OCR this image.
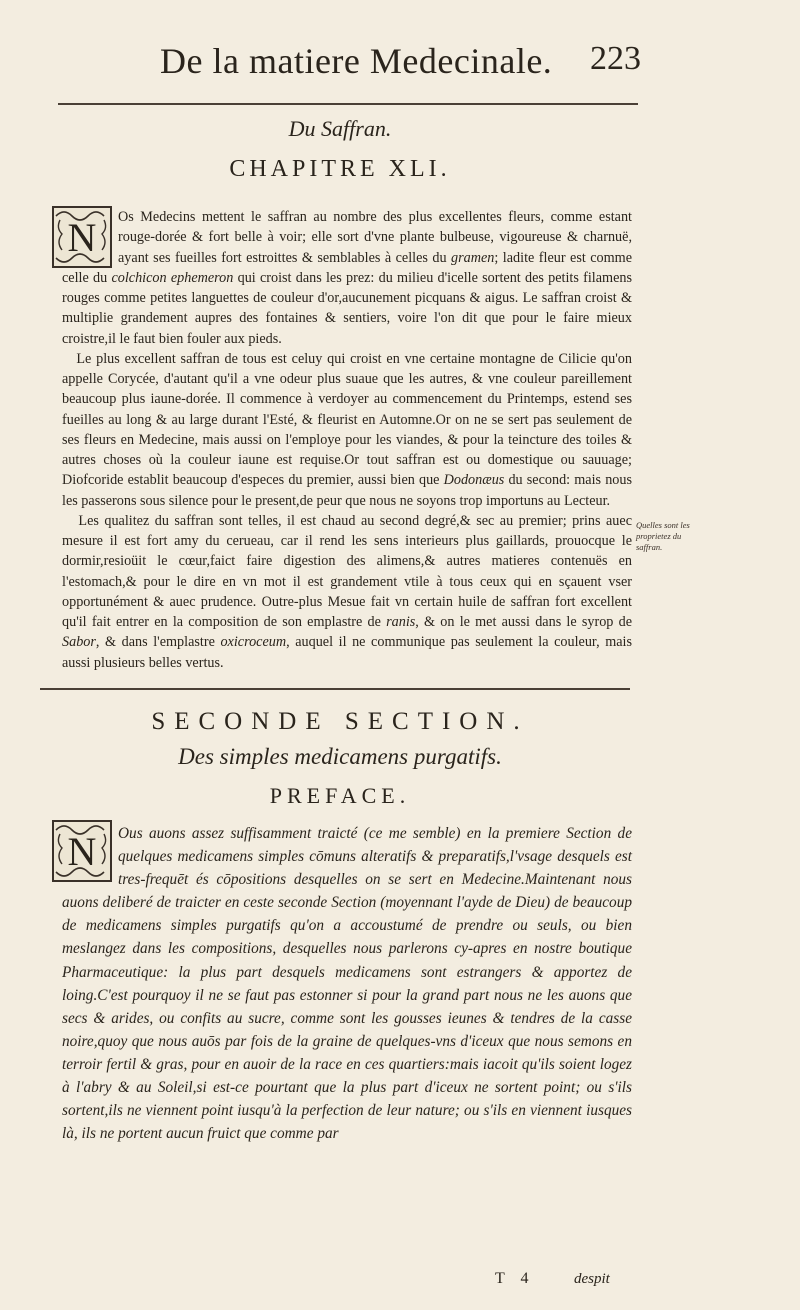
De la matiere Medecinale. 223
Du Saffran.
CHAPITRE XLI.
N	Os Medecins mettent le saffran au nombre des plus excellentes fleurs, comme estant rouge-dorée & fort belle à voir; elle sort d'vne plante bulbeuse, vigoureuse & charnuë, ayant ses fueilles fort estroittes & semblables à celles du gramen; ladite fleur est comme celle du colchicon ephemeron qui croist dans les prez: du milieu d'icelle sortent des petits filamens rouges comme petites languettes de couleur d'or,aucunement picquans & aigus. Le saffran croist & multiplie grandement aupres des fontaines & sentiers, voire l'on dit que pour le faire mieux croistre,il le faut bien fouler aux pieds.

Le plus excellent saffran de tous est celuy qui croist en vne certaine montagne de Cilicie qu'on appelle Corycée, d'autant qu'il a vne odeur plus suaue que les autres, & vne couleur pareillement beaucoup plus iaune-dorée. Il commence à verdoyer au commencement du Printemps, estend ses fueilles au long & au large durant l'Esté, & fleurist en Automne.Or on ne se sert pas seulement de ses fleurs en Medecine, mais aussi on l'employe pour les viandes, & pour la teincture des toiles & autres choses où la couleur iaune est requise.Or tout saffran est ou domestique ou sauuage; Diofcoride establit beaucoup d'especes du premier, aussi bien que Dodonæus du second: mais nous les passerons sous silence pour le present,de peur que nous ne soyons trop importuns au Lecteur.

Les qualitez du saffran sont telles, il est chaud au second degré,& sec au premier; prins auec mesure il est fort amy du cerueau, car il rend les sens interieurs plus gaillards, prouocque le dormir,resioüit le cœur,faict faire digestion des alimens,& autres matieres contenuës en l'estomach,& pour le dire en vn mot il est grandement vtile à tous ceux qui en sçauent vser opportunément & auec prudence. Outre-plus Mesue fait vn certain huile de saffran fort excellent qu'il fait entrer en la composition de son emplastre de ranis, & on le met aussi dans le syrop de Sabor, & dans l'emplastre oxicroceum, auquel il ne communique pas seulement la couleur, mais aussi plusieurs belles vertus.

Quelles sont les proprietez du saffran.
SECONDE SECTION.
Des simples medicamens purgatifs.
PREFACE.
N	Ous auons assez suffisamment traicté (ce me semble) en la premiere Section de quelques medicamens simples cōmuns alteratifs & preparatifs,l'vsage desquels est tres-frequēt és cōpositions desquelles on se sert en Medecine.Maintenant nous auons deliberé de traicter en ceste seconde Section (moyennant l'ayde de Dieu) de beaucoup de medicamens simples purgatifs qu'on a accoustumé de prendre ou seuls, ou bien meslangez dans les compositions, desquelles nous parlerons cy-apres en nostre boutique Pharmaceutique: la plus part desquels medicamens sont estrangers & apportez de loing.C'est pourquoy il ne se faut pas estonner si pour la grand part nous ne les auons que secs & arides, ou confits au sucre, comme sont les gousses ieunes & tendres de la casse noire,quoy que nous auōs par fois de la graine de quelques-vns d'iceux que nous semons en terroir fertil & gras, pour en auoir de la race en ces quartiers:mais iacoit qu'ils soient logez à l'abry & au Soleil,si est-ce pourtant que la plus part d'iceux ne sortent point; ou s'ils sortent,ils ne viennent point iusqu'à la perfection de leur nature; ou s'ils en viennent iusques là, ils ne portent aucun fruict que comme par

T 4	despit
